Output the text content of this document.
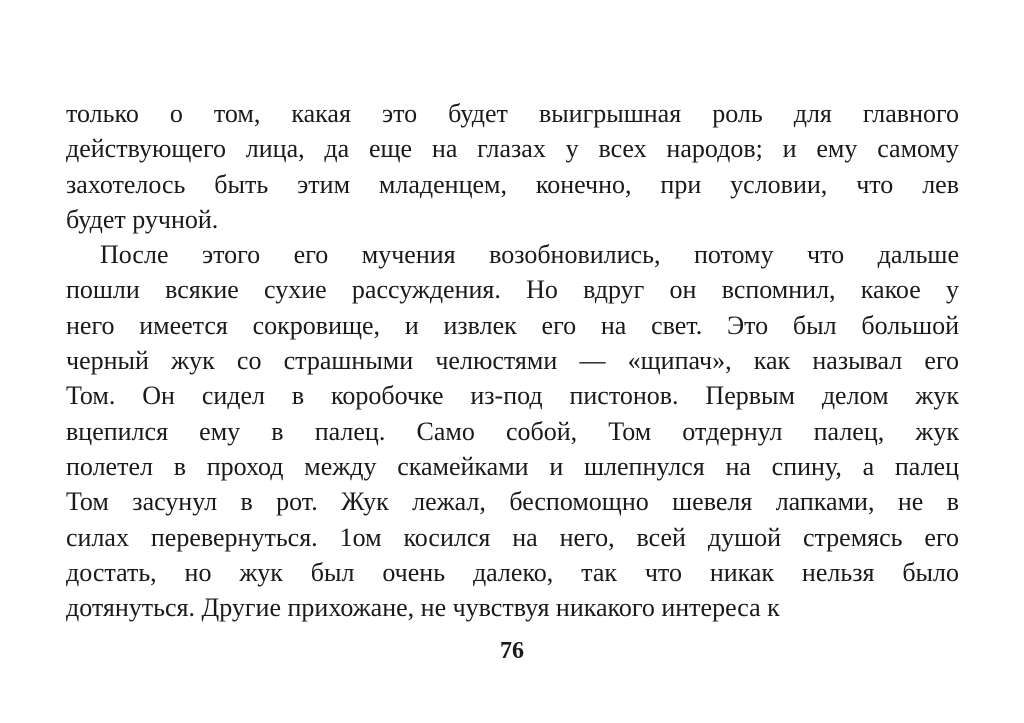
только о том, какая это будет выигрышная роль для главного
действующего лица, да еще на глазах у всех народов; и ему самому
захотелось быть этим младенцем, конечно, при условии, что лев
будет ручной.

После этого его мучения возобновились, потому что дальше
пошли всякие сухие рассуждения. Но вдруг он вспомнил, какое у
него имеется сокровище, и извлек его на свет. Это был большой
черный жук со страшными челюстями — «щипач», как называл его
Том. Он сидел в коробочке из-под пистонов. Первым делом жук
вцепился ему в палец. Само собой, Том отдернул палец, жук
полетел в проход между скамейками и шлепнулся на спину, а палец
Том засунул в рот. Жук лежал, беспомощно шевеля лапками, не в
силах перевернуться. 1ом косился на него, всей душой стремясь его
достать, но жук был очень далеко, так что никак нельзя было
дотянуться. Другие прихожане, не чувствуя никакого интереса к

76
